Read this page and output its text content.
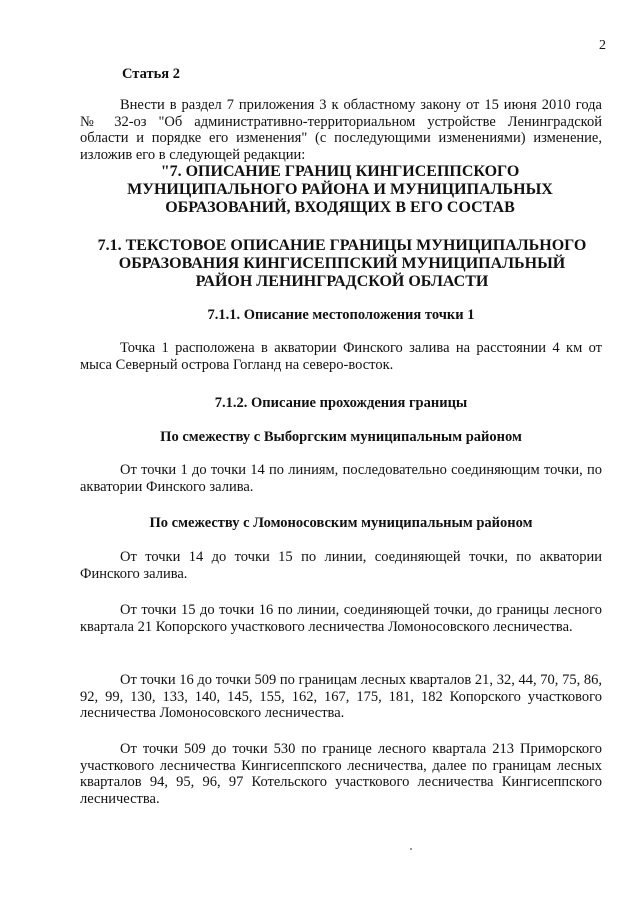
2
Статья 2
Внести в раздел 7 приложения 3 к областному закону от 15 июня 2010 года № 32-оз "Об административно-территориальном устройстве Ленинградской области и порядке его изменения" (с последующими изменениями) изменение, изложив его в следующей редакции:
"7. ОПИСАНИЕ ГРАНИЦ КИНГИСЕППСКОГО МУНИЦИПАЛЬНОГО РАЙОНА И МУНИЦИПАЛЬНЫХ ОБРАЗОВАНИЙ, ВХОДЯЩИХ В ЕГО СОСТАВ
7.1. ТЕКСТОВОЕ ОПИСАНИЕ ГРАНИЦЫ МУНИЦИПАЛЬНОГО ОБРАЗОВАНИЯ КИНГИСЕППСКИЙ МУНИЦИПАЛЬНЫЙ РАЙОН ЛЕНИНГРАДСКОЙ ОБЛАСТИ
7.1.1. Описание местоположения точки 1
Точка 1 расположена в акватории Финского залива на расстоянии 4 км от мыса Северный острова Гогланд на северо-восток.
7.1.2. Описание прохождения границы
По смежеству с Выборгским муниципальным районом
От точки 1 до точки 14 по линиям, последовательно соединяющим точки, по акватории Финского залива.
По смежеству с Ломоносовским муниципальным районом
От точки 14 до точки 15 по линии, соединяющей точки, по акватории Финского залива.
От точки 15 до точки 16 по линии, соединяющей точки, до границы лесного квартала 21 Копорского участкового лесничества Ломоносовского лесничества.
От точки 16 до точки 509 по границам лесных кварталов 21, 32, 44, 70, 75, 86, 92, 99, 130, 133, 140, 145, 155, 162, 167, 175, 181, 182 Копорского участкового лесничества Ломоносовского лесничества.
От точки 509 до точки 530 по границе лесного квартала 213 Приморского участкового лесничества Кингисеппского лесничества, далее по границам лесных кварталов 94, 95, 96, 97 Котельского участкового лесничества Кингисеппского лесничества.
